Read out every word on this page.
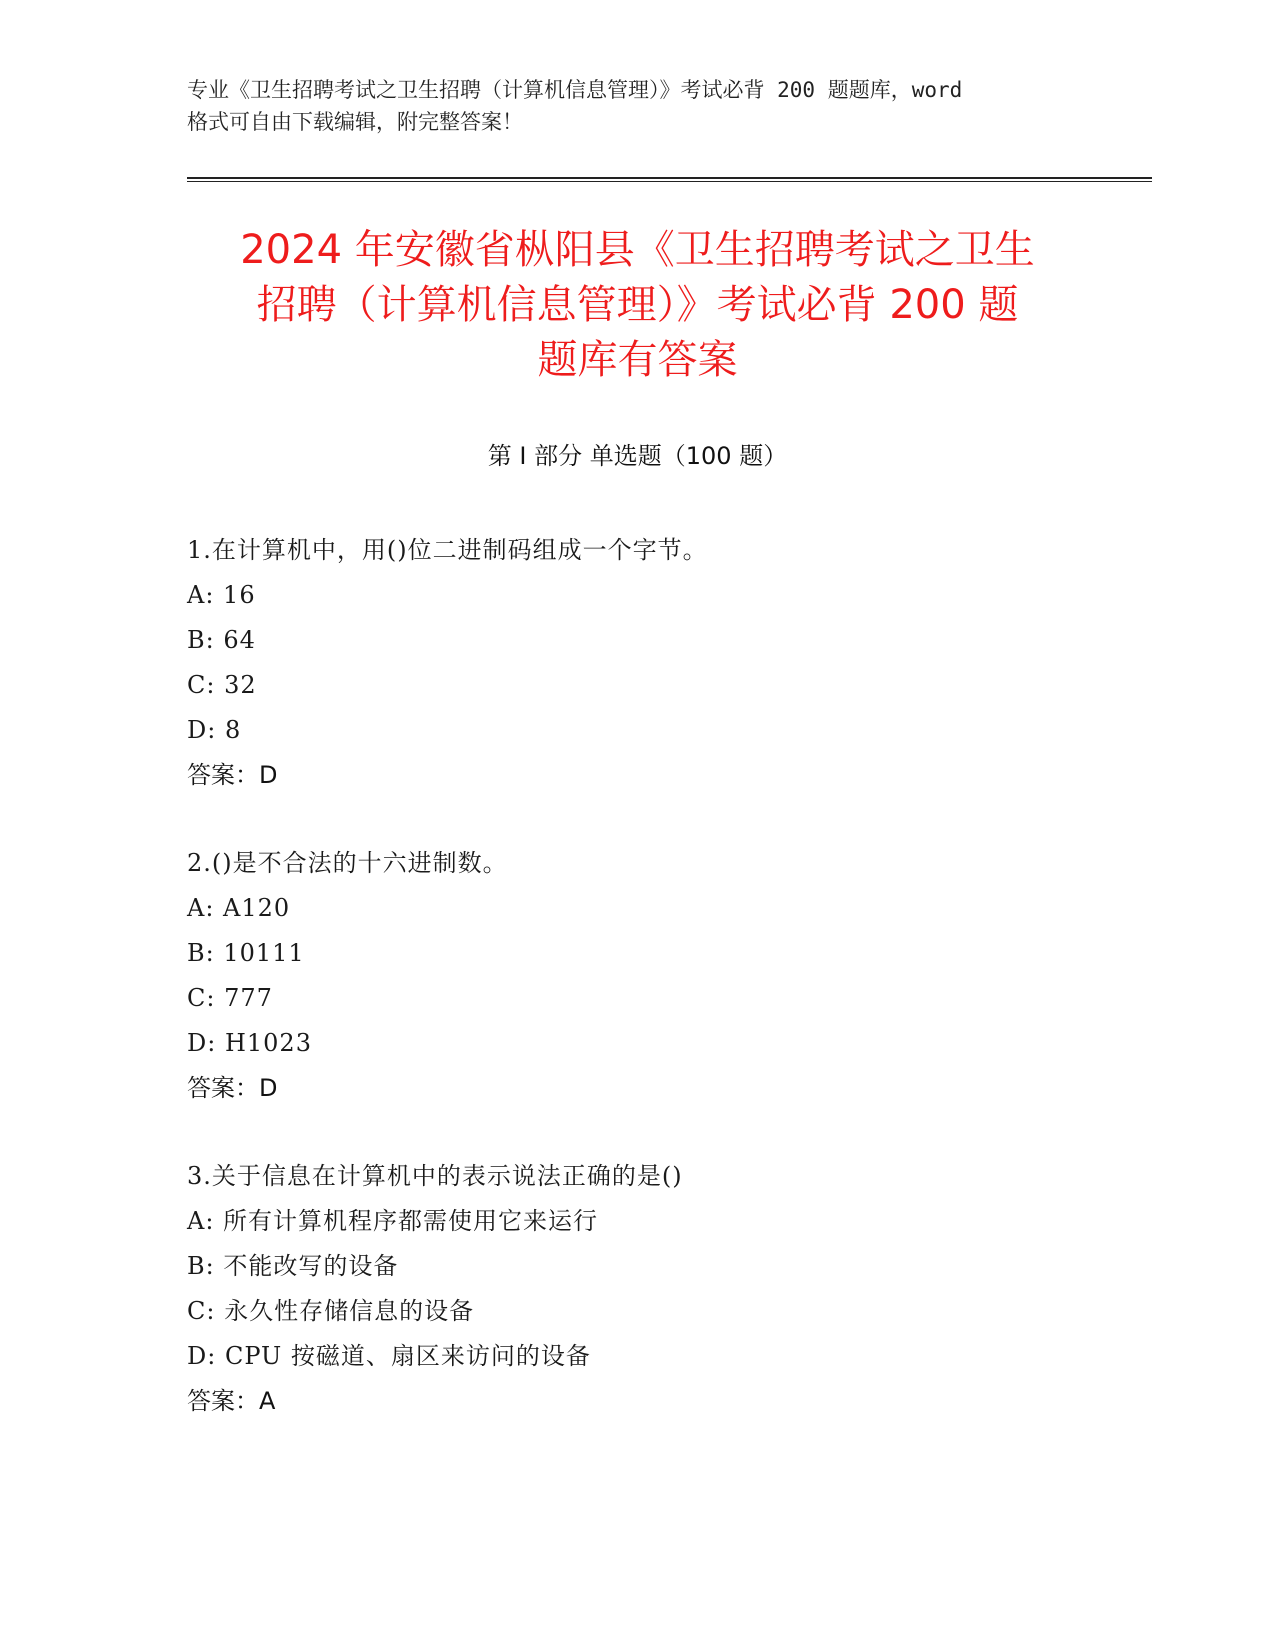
专业《卫生招聘考试之卫生招聘（计算机信息管理）》考试必背 200 题题库，word
格式可自由下载编辑，附完整答案！
2024 年安徽省枞阳县《卫生招聘考试之卫生
招聘（计算机信息管理）》考试必背 200 题
题库有答案
第 I 部分 单选题（100 题）
1.在计算机中，用()位二进制码组成一个字节。
A: 16
B: 64
C: 32
D: 8
答案：D
2.()是不合法的十六进制数。
A: A120
B: 10111
C: 777
D: H1023
答案：D
3.关于信息在计算机中的表示说法正确的是()
A: 所有计算机程序都需使用它来运行
B: 不能改写的设备
C: 永久性存储信息的设备
D: CPU 按磁道、扇区来访问的设备
答案：A
